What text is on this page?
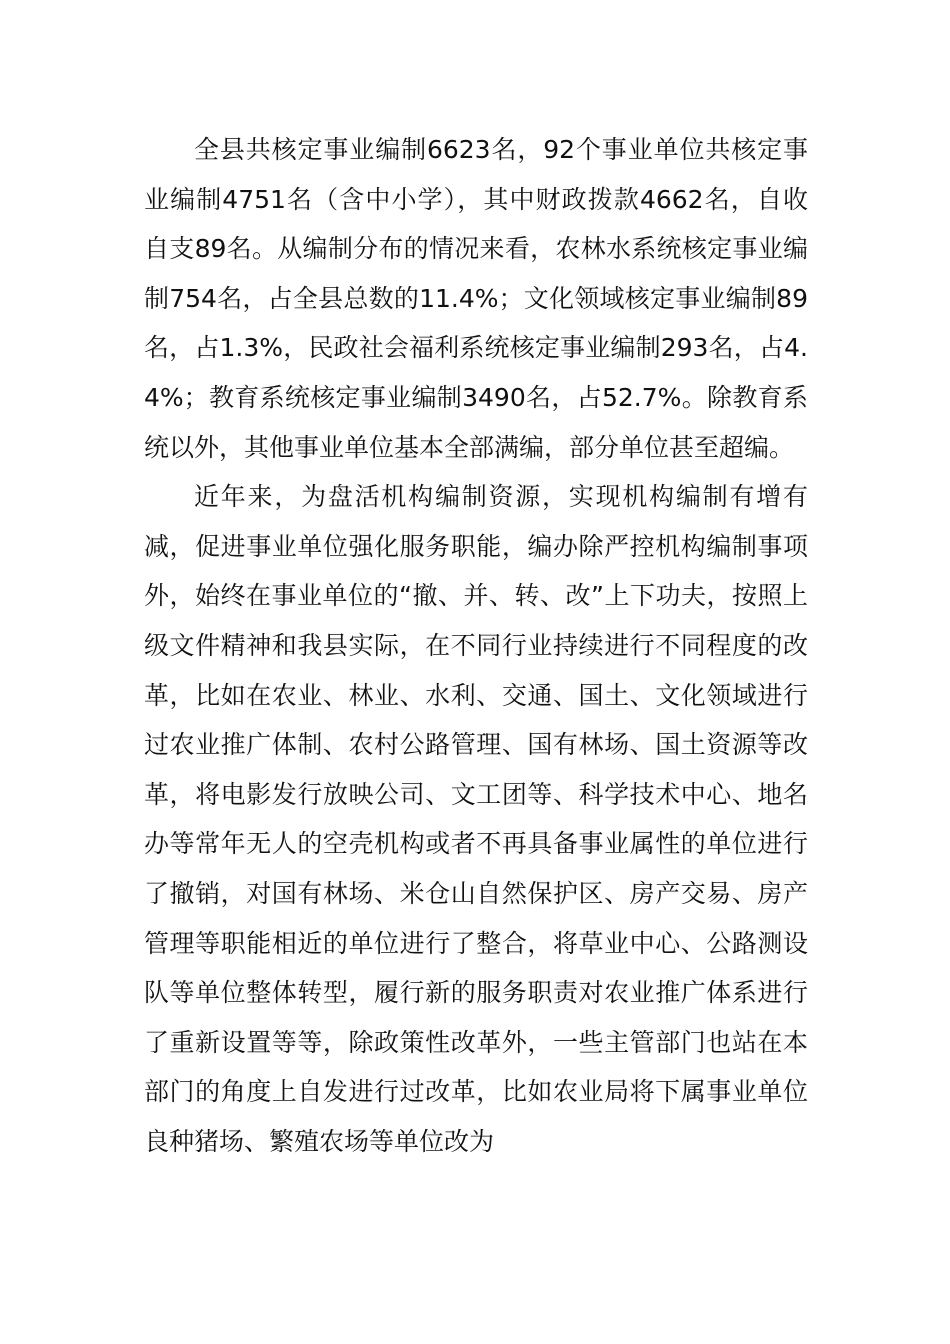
全县共核定事业编制6623名，92个事业单位共核定事业编制4751名（含中小学），其中财政拨款4662名，自收自支89名。从编制分布的情况来看，农林水系统核定事业编制754名，占全县总数的11.4%；文化领域核定事业编制89名，占1.3%，民政社会福利系统核定事业编制293名，占4.4%；教育系统核定事业编制3490名，占52.7%。除教育系统以外，其他事业单位基本全部满编，部分单位甚至超编。

近年来，为盘活机构编制资源，实现机构编制有增有减，促进事业单位强化服务职能，编办除严控机构编制事项外，始终在事业单位的“撤、并、转、改”上下功夫，按照上级文件精神和我县实际，在不同行业持续进行不同程度的改革，比如在农业、林业、水利、交通、国土、文化领域进行过农业推广体制、农村公路管理、国有林场、国土资源等改革，将电影发行放映公司、文工团等、科学技术中心、地名办等常年无人的空壳机构或者不再具备事业属性的单位进行了撤销，对国有林场、米仓山自然保护区、房产交易、房产管理等职能相近的单位进行了整合，将草业中心、公路测设队等单位整体转型，履行新的服务职责对农业推广体系进行了重新设置等等，除政策性改革外，一些主管部门也站在本部门的角度上自发进行过改革，比如农业局将下属事业单位良种猪场、繁殖农场等单位改为
